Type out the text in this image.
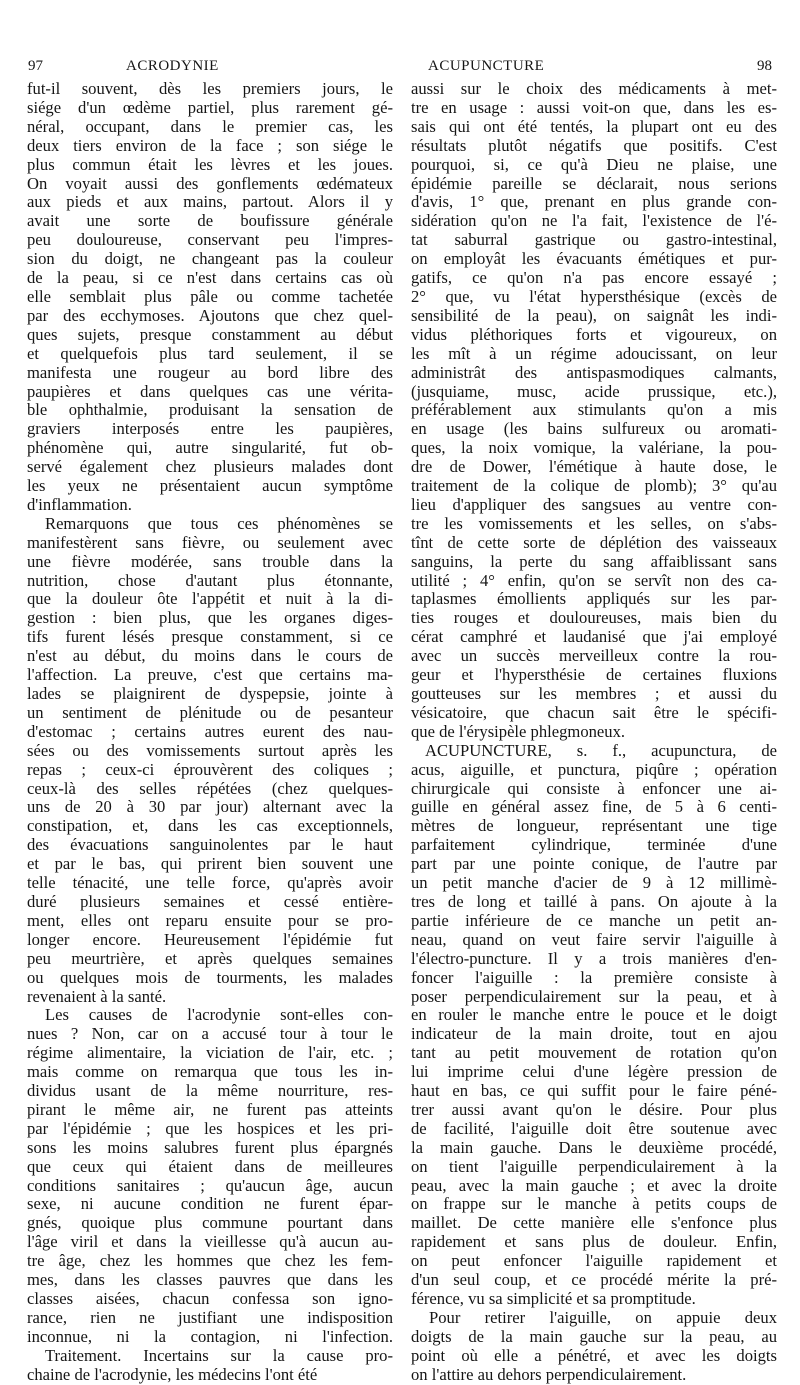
97	ACRODYNIE	ACUPUNCTURE	98

fut-il souvent, dès les premiers jours, le

siége d'un œdème partiel, plus rarement gé-

néral, occupant, dans le premier cas, les

deux tiers environ de la face ; son siége le

plus commun était les lèvres et les joues.

On voyait aussi des gonflements œdémateux

aux pieds et aux mains, partout. Alors il y

avait une sorte de boufissure générale

peu douloureuse, conservant peu l'impres-

sion du doigt, ne changeant pas la couleur

de la peau, si ce n'est dans certains cas où

elle semblait plus pâle ou comme tachetée

par des ecchymoses. Ajoutons que chez quel-

ques sujets, presque constamment au début

et quelquefois plus tard seulement, il se

manifesta une rougeur au bord libre des

paupières et dans quelques cas une vérita-

ble ophthalmie, produisant la sensation de

graviers interposés entre les paupières,

phénomène qui, autre singularité, fut ob-

servé également chez plusieurs malades dont

les yeux ne présentaient aucun symptôme

d'inflammation.

Remarquons que tous ces phénomènes se

manifestèrent sans fièvre, ou seulement avec

une fièvre modérée, sans trouble dans la

nutrition, chose d'autant plus étonnante,

que la douleur ôte l'appétit et nuit à la di-

gestion : bien plus, que les organes diges-

tifs furent lésés presque constamment, si ce

n'est au début, du moins dans le cours de

l'affection. La preuve, c'est que certains ma-

lades se plaignirent de dyspepsie, jointe à

un sentiment de plénitude ou de pesanteur

d'estomac ; certains autres eurent des nau-

sées ou des vomissements surtout après les

repas ; ceux-ci éprouvèrent des coliques ;

ceux-là des selles répétées (chez quelques-

uns de 20 à 30 par jour) alternant avec la

constipation, et, dans les cas exceptionnels,

des évacuations sanguinolentes par le haut

et par le bas, qui prirent bien souvent une

telle ténacité, une telle force, qu'après avoir

duré plusieurs semaines et cessé entière-

ment, elles ont reparu ensuite pour se pro-

longer encore. Heureusement l'épidémie fut

peu meurtrière, et après quelques semaines

ou quelques mois de tourments, les malades

revenaient à la santé.

Les causes de l'acrodynie sont-elles con-

nues ? Non, car on a accusé tour à tour le

régime alimentaire, la viciation de l'air, etc. ;

mais comme on remarqua que tous les in-

dividus usant de la même nourriture, res-

pirant le même air, ne furent pas atteints

par l'épidémie ; que les hospices et les pri-

sons les moins salubres furent plus épargnés

que ceux qui étaient dans de meilleures

conditions sanitaires ; qu'aucun âge, aucun

sexe, ni aucune condition ne furent épar-

gnés, quoique plus commune pourtant dans

l'âge viril et dans la vieillesse qu'à aucun au-

tre âge, chez les hommes que chez les fem-

mes, dans les classes pauvres que dans les

classes aisées, chacun confessa son igno-

rance, rien ne justifiant une indisposition

inconnue, ni la contagion, ni l'infection.

Traitement. Incertains sur la cause pro-

chaine de l'acrodynie, les médecins l'ont été

aussi sur le choix des médicaments à met-

tre en usage : aussi voit-on que, dans les es-

sais qui ont été tentés, la plupart ont eu des

résultats plutôt négatifs que positifs. C'est

pourquoi, si, ce qu'à Dieu ne plaise, une

épidémie pareille se déclarait, nous serions

d'avis, 1° que, prenant en plus grande con-

sidération qu'on ne l'a fait, l'existence de l'é-

tat saburral gastrique ou gastro-intestinal,

on employât les évacuants émétiques et pur-

gatifs, ce qu'on n'a pas encore essayé ;

2° que, vu l'état hypersthésique (excès de

sensibilité de la peau), on saignât les indi-

vidus pléthoriques forts et vigoureux, on

les mît à un régime adoucissant, on leur

administrât des antispasmodiques calmants,

(jusquiame, musc, acide prussique, etc.),

préférablement aux stimulants qu'on a mis

en usage (les bains sulfureux ou aromati-

ques, la noix vomique, la valériane, la pou-

dre de Dower, l'émétique à haute dose, le

traitement de la colique de plomb); 3° qu'au

lieu d'appliquer des sangsues au ventre con-

tre les vomissements et les selles, on s'abs-

tînt de cette sorte de déplétion des vaisseaux

sanguins, la perte du sang affaiblissant sans

utilité ; 4° enfin, qu'on se servît non des ca-

taplasmes émollients appliqués sur les par-

ties rouges et douloureuses, mais bien du

cérat camphré et laudanisé que j'ai employé

avec un succès merveilleux contre la rou-

geur et l'hypersthésie de certaines fluxions

goutteuses sur les membres ; et aussi du

vésicatoire, que chacun sait être le spécifi-

que de l'érysipèle phlegmoneux.

ACUPUNCTURE, s. f., acupunctura, de

acus, aiguille, et punctura, piqûre ; opération

chirurgicale qui consiste à enfoncer une ai-

guille en général assez fine, de 5 à 6 centi-

mètres de longueur, représentant une tige

parfaitement cylindrique, terminée d'une

part par une pointe conique, de l'autre par

un petit manche d'acier de 9 à 12 millimè-

tres de long et taillé à pans. On ajoute à la

partie inférieure de ce manche un petit an-

neau, quand on veut faire servir l'aiguille à

l'électro-puncture. Il y a trois manières d'en-

foncer l'aiguille : la première consiste à

poser perpendiculairement sur la peau, et à

en rouler le manche entre le pouce et le doigt

indicateur de la main droite, tout en ajou

tant au petit mouvement de rotation qu'on

lui imprime celui d'une légère pression de

haut en bas, ce qui suffit pour le faire péné-

trer aussi avant qu'on le désire. Pour plus

de facilité, l'aiguille doit être soutenue avec

la main gauche. Dans le deuxième procédé,

on tient l'aiguille perpendiculairement à la

peau, avec la main gauche ; et avec la droite

on frappe sur le manche à petits coups de

maillet. De cette manière elle s'enfonce plus

rapidement et sans plus de douleur. Enfin,

on peut enfoncer l'aiguille rapidement et

d'un seul coup, et ce procédé mérite la pré-

férence, vu sa simplicité et sa promptitude.

Pour retirer l'aiguille, on appuie deux

doigts de la main gauche sur la peau, au

point où elle a pénétré, et avec les doigts

on l'attire au dehors perpendiculairement.
